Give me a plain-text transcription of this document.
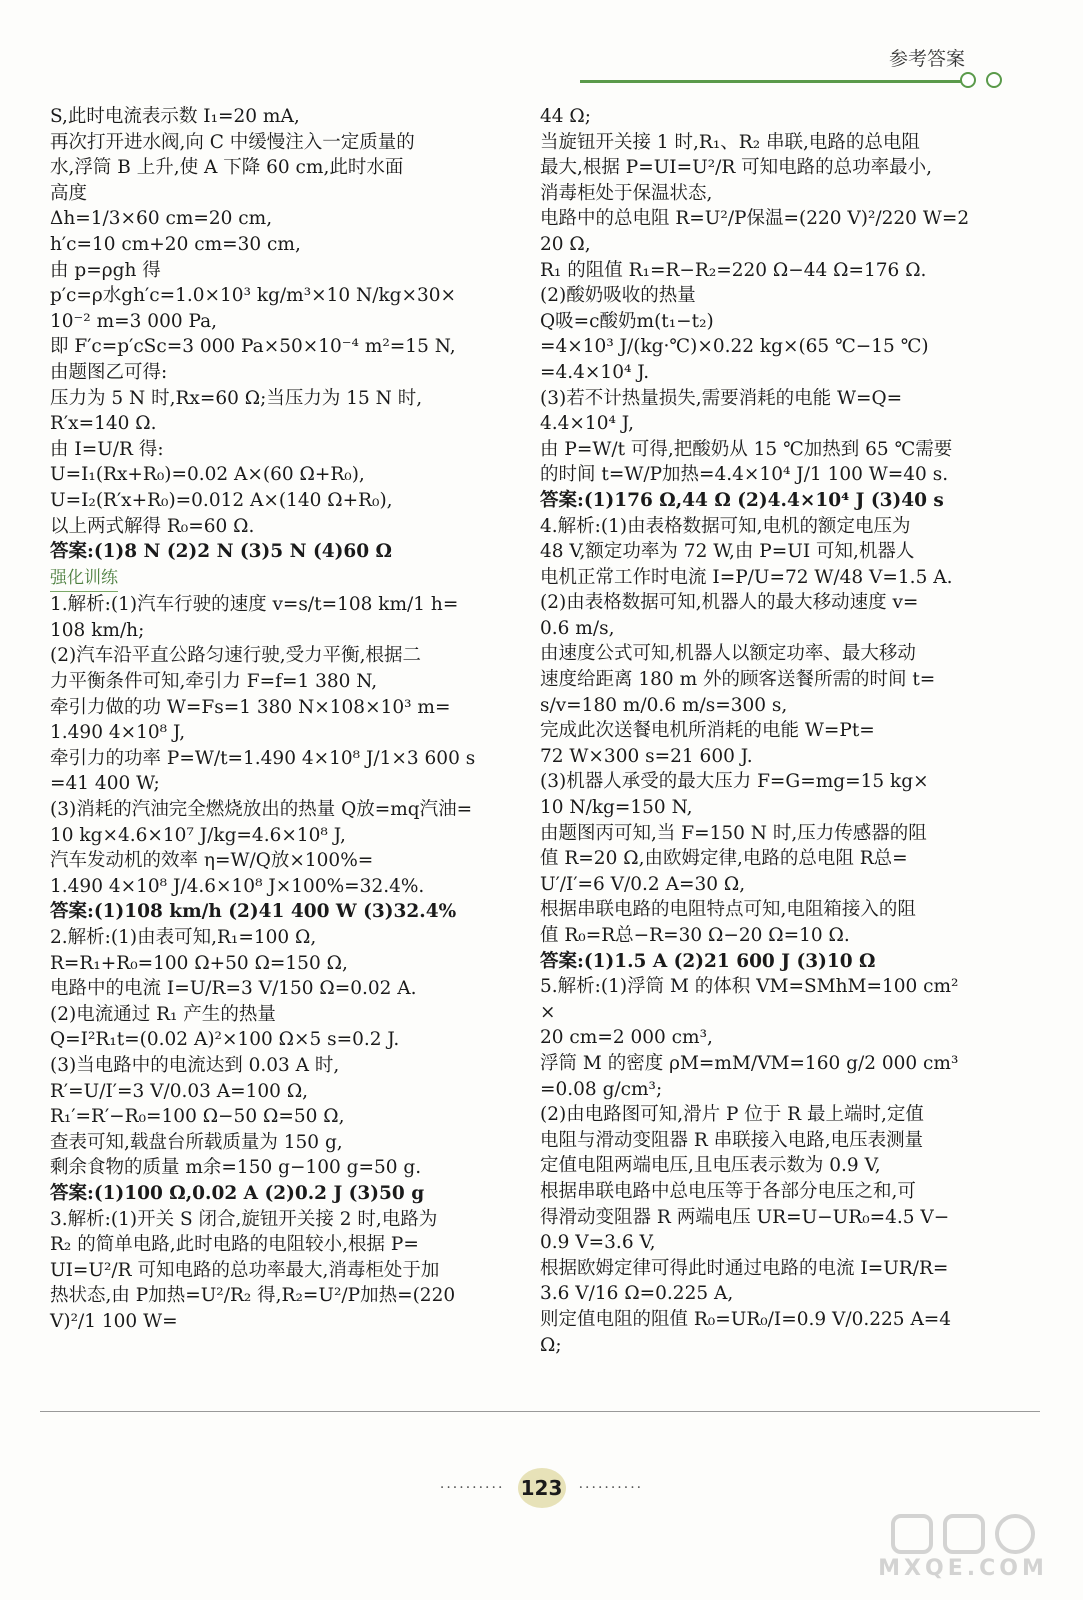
参考答案

S,此时电流表示数 I₁=20 mA,

再次打开进水阀,向 C 中缓慢注入一定质量的

水,浮筒 B 上升,使 A 下降 60 cm,此时水面

高度

Δh=1/3×60 cm=20 cm,

h′c=10 cm+20 cm=30 cm,

由 p=ρgh 得

p′c=ρ水gh′c=1.0×10³ kg/m³×10 N/kg×30×

10⁻² m=3 000 Pa,

即 F′c=p′cSc=3 000 Pa×50×10⁻⁴ m²=15 N,

由题图乙可得:

压力为 5 N 时,Rx=60 Ω;当压力为 15 N 时,

R′x=140 Ω.

由 I=U/R 得:

U=I₁(Rx+R₀)=0.02 A×(60 Ω+R₀),

U=I₂(R′x+R₀)=0.012 A×(140 Ω+R₀),

以上两式解得 R₀=60 Ω.

答案:(1)8 N (2)2 N (3)5 N (4)60 Ω

强化训练

1.解析:(1)汽车行驶的速度 v=s/t=108 km/1 h=

108 km/h;

(2)汽车沿平直公路匀速行驶,受力平衡,根据二

力平衡条件可知,牵引力 F=f=1 380 N,

牵引力做的功 W=Fs=1 380 N×108×10³ m=

1.490 4×10⁸ J,

牵引力的功率 P=W/t=1.490 4×10⁸ J/1×3 600 s=41 400 W;

(3)消耗的汽油完全燃烧放出的热量 Q放=mq汽油=

10 kg×4.6×10⁷ J/kg=4.6×10⁸ J,

汽车发动机的效率 η=W/Q放×100%=

1.490 4×10⁸ J/4.6×10⁸ J×100%=32.4%.

答案:(1)108 km/h (2)41 400 W (3)32.4%

2.解析:(1)由表可知,R₁=100 Ω,

R=R₁+R₀=100 Ω+50 Ω=150 Ω,

电路中的电流 I=U/R=3 V/150 Ω=0.02 A.

(2)电流通过 R₁ 产生的热量

Q=I²R₁t=(0.02 A)²×100 Ω×5 s=0.2 J.

(3)当电路中的电流达到 0.03 A 时,

R′=U/I′=3 V/0.03 A=100 Ω,

R₁′=R′−R₀=100 Ω−50 Ω=50 Ω,

查表可知,载盘台所载质量为 150 g,

剩余食物的质量 m余=150 g−100 g=50 g.

答案:(1)100 Ω,0.02 A (2)0.2 J (3)50 g

3.解析:(1)开关 S 闭合,旋钮开关接 2 时,电路为

R₂ 的简单电路,此时电路的电阻较小,根据 P=

UI=U²/R 可知电路的总功率最大,消毒柜处于加

热状态,由 P加热=U²/R₂ 得,R₂=U²/P加热=(220 V)²/1 100 W=

44 Ω;

当旋钮开关接 1 时,R₁、R₂ 串联,电路的总电阻

最大,根据 P=UI=U²/R 可知电路的总功率最小,

消毒柜处于保温状态,

电路中的总电阻 R=U²/P保温=(220 V)²/220 W=220 Ω,

R₁ 的阻值 R₁=R−R₂=220 Ω−44 Ω=176 Ω.

(2)酸奶吸收的热量

Q吸=c酸奶m(t₁−t₂)

=4×10³ J/(kg·℃)×0.22 kg×(65 ℃−15 ℃)

=4.4×10⁴ J.

(3)若不计热量损失,需要消耗的电能 W=Q=

4.4×10⁴ J,

由 P=W/t 可得,把酸奶从 15 ℃加热到 65 ℃需要

的时间 t=W/P加热=4.4×10⁴ J/1 100 W=40 s.

答案:(1)176 Ω,44 Ω (2)4.4×10⁴ J (3)40 s

4.解析:(1)由表格数据可知,电机的额定电压为

48 V,额定功率为 72 W,由 P=UI 可知,机器人

电机正常工作时电流 I=P/U=72 W/48 V=1.5 A.

(2)由表格数据可知,机器人的最大移动速度 v=

0.6 m/s,

由速度公式可知,机器人以额定功率、最大移动

速度给距离 180 m 外的顾客送餐所需的时间 t=

s/v=180 m/0.6 m/s=300 s,

完成此次送餐电机所消耗的电能 W=Pt=

72 W×300 s=21 600 J.

(3)机器人承受的最大压力 F=G=mg=15 kg×

10 N/kg=150 N,

由题图丙可知,当 F=150 N 时,压力传感器的阻

值 R=20 Ω,由欧姆定律,电路的总电阻 R总=

U′/I′=6 V/0.2 A=30 Ω,

根据串联电路的电阻特点可知,电阻箱接入的阻

值 R₀=R总−R=30 Ω−20 Ω=10 Ω.

答案:(1)1.5 A (2)21 600 J (3)10 Ω

5.解析:(1)浮筒 M 的体积 VM=SMhM=100 cm²×

20 cm=2 000 cm³,

浮筒 M 的密度 ρM=mM/VM=160 g/2 000 cm³=0.08 g/cm³;

(2)由电路图可知,滑片 P 位于 R 最上端时,定值

电阻与滑动变阻器 R 串联接入电路,电压表测量

定值电阻两端电压,且电压表示数为 0.9 V,

根据串联电路中总电压等于各部分电压之和,可

得滑动变阻器 R 两端电压 UR=U−UR₀=4.5 V−

0.9 V=3.6 V,

根据欧姆定律可得此时通过电路的电流 I=UR/R=

3.6 V/16 Ω=0.225 A,

则定值电阻的阻值 R₀=UR₀/I=0.9 V/0.225 A=4 Ω;

·········· 123 ··········
MXQE.COM
